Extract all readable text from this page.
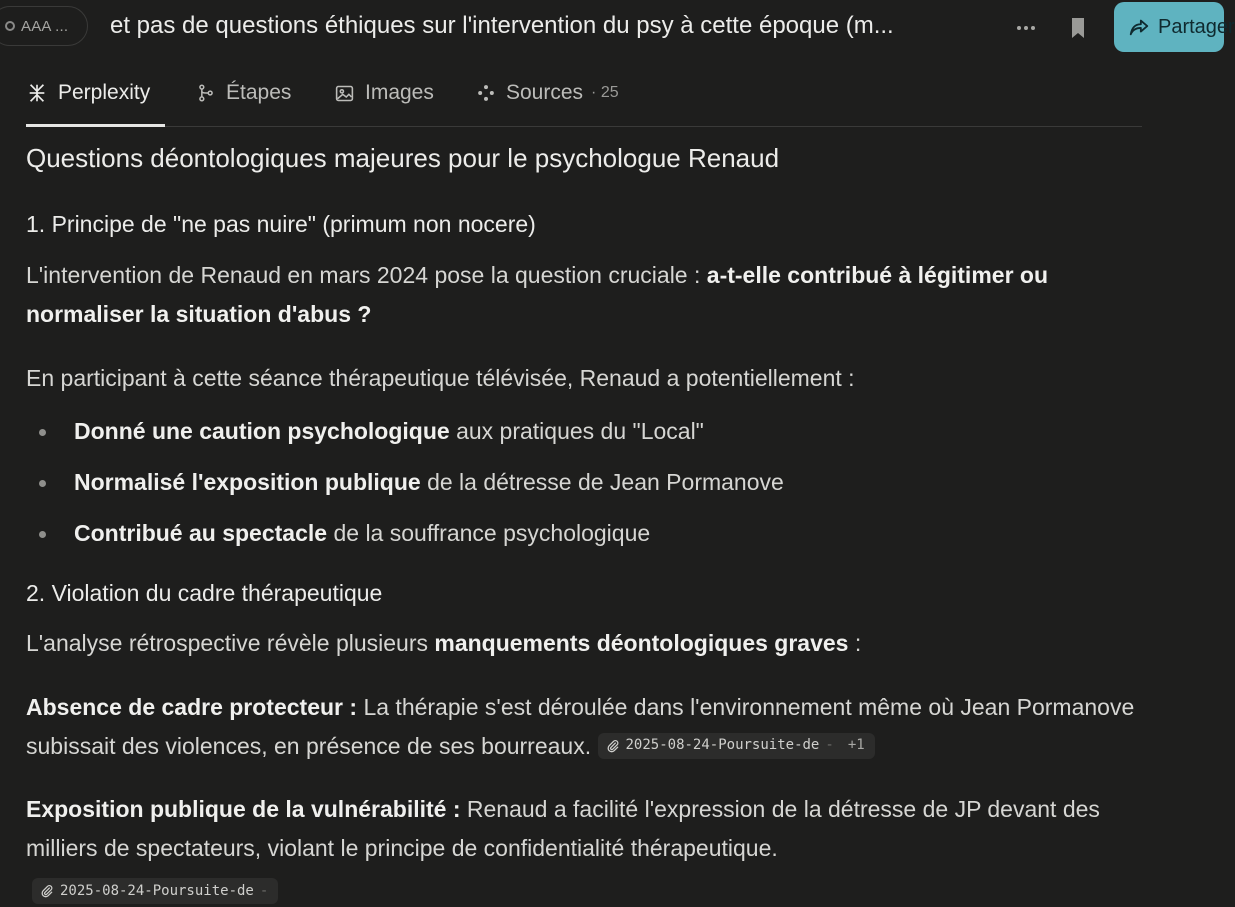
AAA ... et pas de questions éthiques sur l'intervention du psy à cette époque (m...	Partager
Perplexity	Étapes	Images	Sources · 25
Questions déontologiques majeures pour le psychologue Renaud
1. Principe de "ne pas nuire" (primum non nocere)

L'intervention de Renaud en mars 2024 pose la question cruciale : a-t-elle contribué à légitimer ou normaliser la situation d'abus ?

En participant à cette séance thérapeutique télévisée, Renaud a potentiellement :

Donné une caution psychologique aux pratiques du "Local"
Normalisé l'exposition publique de la détresse de Jean Pormanove
Contribué au spectacle de la souffrance psychologique
2. Violation du cadre thérapeutique

L'analyse rétrospective révèle plusieurs manquements déontologiques graves :

Absence de cadre protecteur : La thérapie s'est déroulée dans l'environnement même où Jean Pormanove subissait des violences, en présence de ses bourreaux. 2025-08-24-Poursuite-de - +1

Exposition publique de la vulnérabilité : Renaud a facilité l'expression de la détresse de JP devant des milliers de spectateurs, violant le principe de confidentialité thérapeutique.

2025-08-24-Poursuite-de -
